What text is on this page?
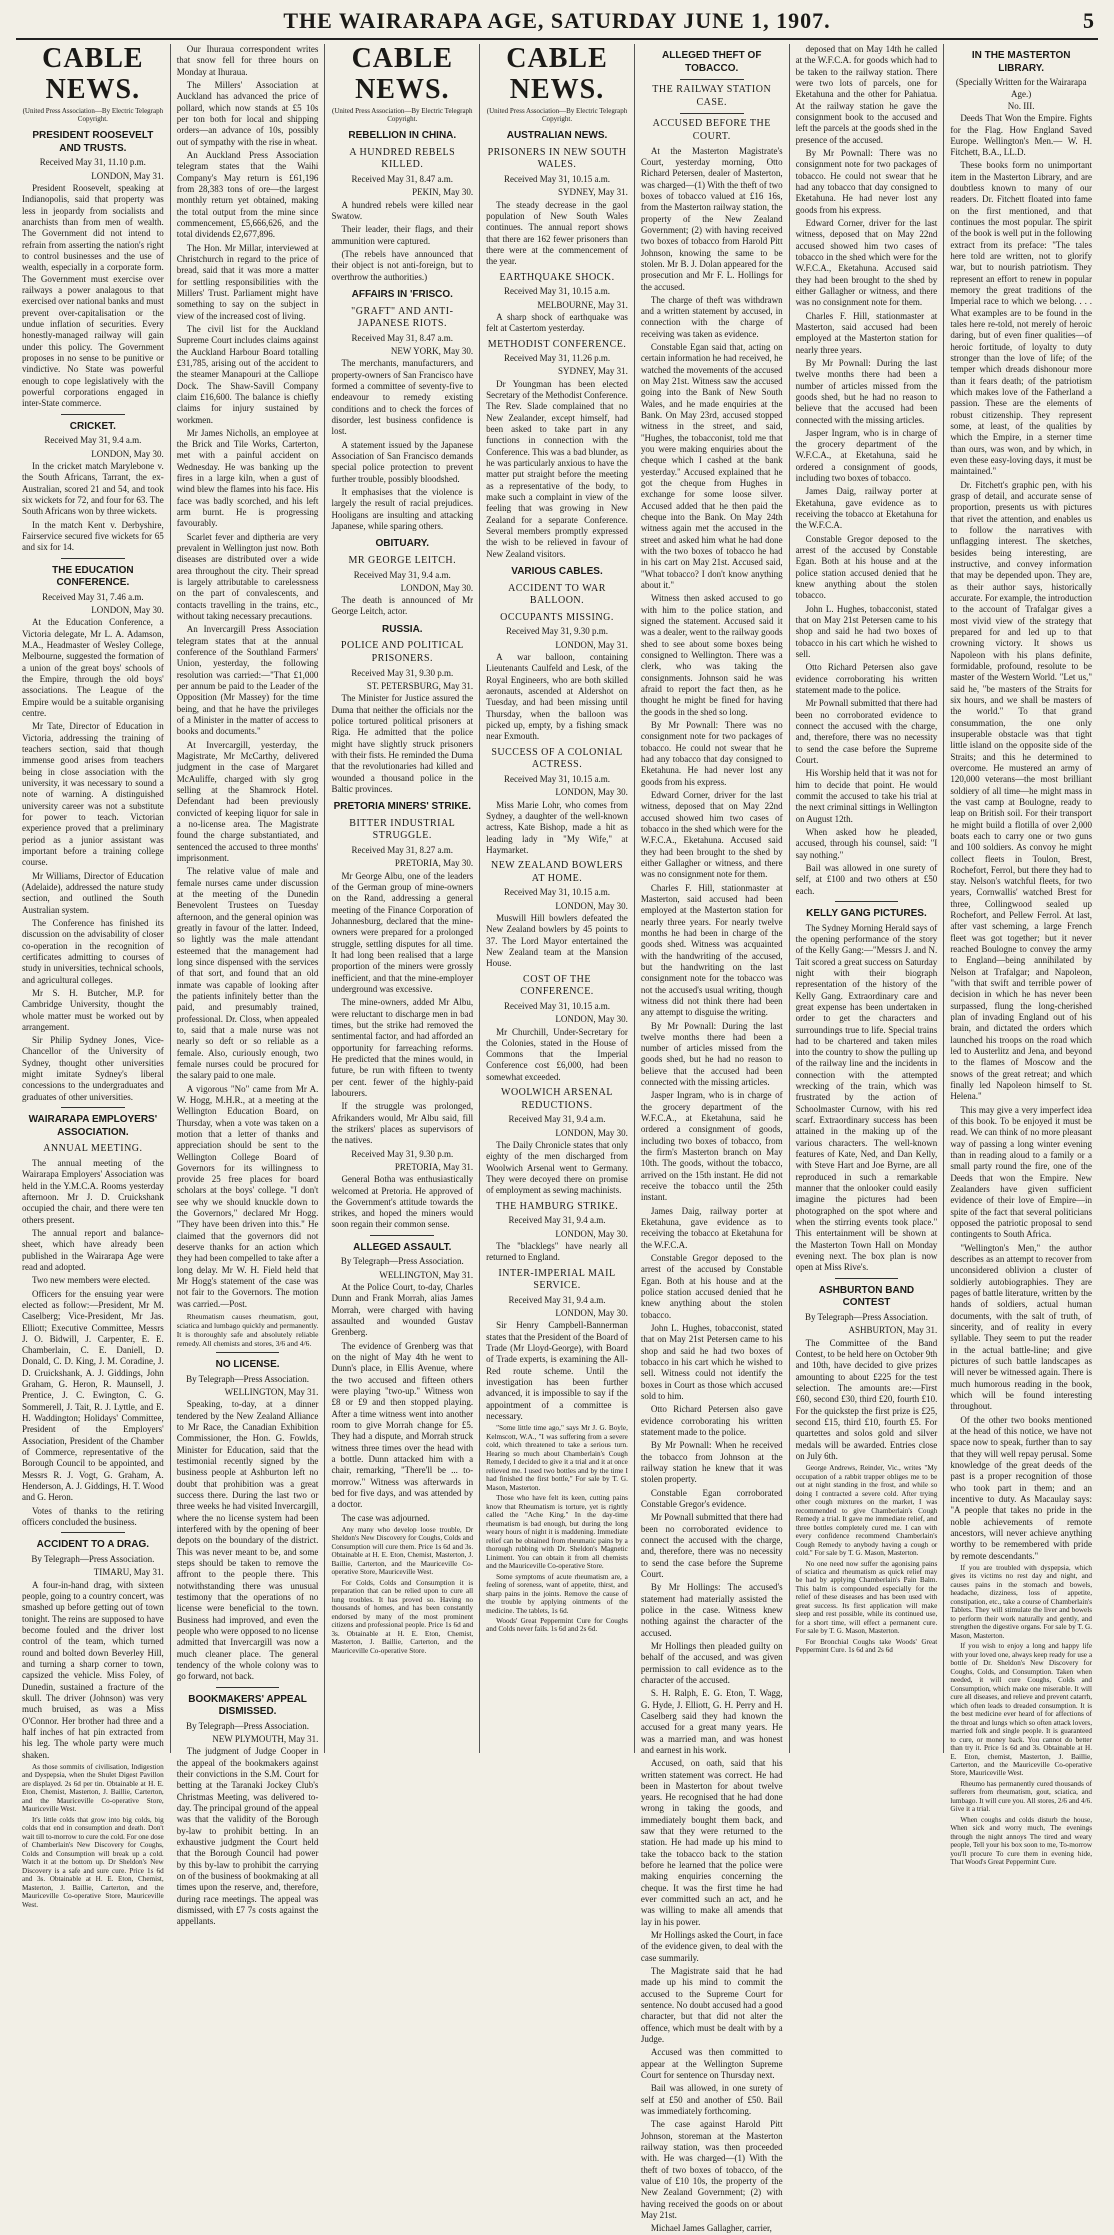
THE WAIRARAPA AGE, SATURDAY JUNE 1, 1907.	5
CABLE NEWS.
(United Press Association—By Electric Telegraph Copyright.
PRESIDENT ROOSEVELT AND TRUSTS.
Received May 31, 11.10 p.m.
LONDON, May 31.

President Roosevelt, speaking at Indianopolis, said that property was less in jeopardy from socialists and anarchists than from men of wealth. The Government did not intend to refrain from asserting the nation's right to control businesses and the use of wealth, especially in a corporate form. The Government must exercise over railways a power analagous to that exercised over national banks and must prevent over-capitalisation or the undue inflation of securities. Every honestly-managed railway will gain under this policy. The Government proposes in no sense to be punitive or vindictive. No State was powerful enough to cope legislatively with the powerful corporations engaged in inter-State commerce.

CRICKET.
Received May 31, 9.4 a.m.
LONDON, May 30.

In the cricket match Marylebone v. the South Africans, Tarrant, the ex-Australian, scored 21 and 54, and took six wickets for 72, and four for 63. The South Africans won by three wickets.

In the match Kent v. Derbyshire, Fairservice secured five wickets for 65 and six for 14.

THE EDUCATION CONFERENCE.
Received May 31, 7.46 a.m.
LONDON, May 30.

At the Education Conference, a Victoria delegate, Mr L. A. Adamson, M.A., Headmaster of Wesley College, Melbourne, suggested the formation of a union of the great boys' schools of the Empire, through the old boys' associations. The League of the Empire would be a suitable organising centre.

Mr Tate, Director of Education in Victoria, addressing the training of teachers section, said that though immense good arises from teachers being in close association with the university, it was necessary to sound a note of warning. A distinguished university career was not a substitute for power to teach. Victorian experience proved that a preliminary period as a junior assistant was important before a training college course.

Mr Williams, Director of Education (Adelaide), addressed the nature study section, and outlined the South Australian system.

The Conference has finished its discussion on the advisability of closer co-operation in the recognition of certificates admitting to courses of study in universities, technical schools, and agricultural colleges.

Mr S. H. Butcher, M.P. for Cambridge University, thought the whole matter must be worked out by arrangement.

Sir Philip Sydney Jones, Vice-Chancellor of the University of Sydney, thought other universities might imitate Sydney's liberal concessions to the undergraduates and graduates of other universities.

WAIRARAPA EMPLOYERS' ASSOCIATION.
ANNUAL MEETING.

The annual meeting of the Wairarapa Employers' Association was held in the Y.M.C.A. Rooms yesterday afternoon. Mr J. D. Cruickshank occupied the chair, and there were ten others present.

The annual report and balance-sheet, which have already been published in the Wairarapa Age were read and adopted.

Two new members were elected.

Officers for the ensuing year were elected as follow:—President, Mr M. Caselberg; Vice-President, Mr Jas. Elliott; Executive Committee, Messrs J. O. Bidwill, J. Carpenter, E. E. Chamberlain, C. E. Daniell, D. Donald, C. D. King, J. M. Coradine, J. D. Cruickshank, A. J. Giddings, John Graham, G. Heron, R. Maunsell, J. Prentice, J. C. Ewington, C. G. Sommerell, J. Tait, R. J. Lyttle, and E. H. Waddington; Holidays' Committee, President of the Employers' Association, President of the Chamber of Commerce, representative of the Borough Council to be appointed, and Messrs R. J. Vogt, G. Graham, A. Henderson, A. J. Giddings, H. T. Wood and G. Heron.

Votes of thanks to the retiring officers concluded the business.

ACCIDENT TO A DRAG.
By Telegraph—Press Association.
TIMARU, May 31.

A four-in-hand drag, with sixteen people, going to a country concert, was smashed up before getting out of town tonight. The reins are supposed to have become fouled and the driver lost control of the team, which turned round and bolted down Beverley Hill, and turning a sharp corner to town, capsized the vehicle. Miss Foley, of Dunedin, sustained a fracture of the skull. The driver (Johnson) was very much bruised, as was a Miss O'Connor. Her brother had three and a half inches of hat pin extracted from his leg. The whole party were much shaken.

As those sommits of civilisation, Indigestion and Dyspepsia, when the Shulet Digest Pavillon are displayed. 2s 6d per tin. Obtainable at H. E. Eton, Chemist, Masterton, J. Baillie, Carterton, and the Mauriceville Co-operative Store, Mauriceville West.

It's little colds that grow into big colds, big colds that end in consumption and death. Don't wait till to-morrow to cure the cold. For one dose of Chamberlain's New Discovery for Coughs, Colds and Consumption will break up a cold. Watch it at the bottom up. Dr Sheldon's New Discovery is a safe and sure cure. Price 1s 6d and 3s. Obtainable at H. E. Eton, Chemist, Masterton, J. Baillie, Carterton, and the Mauriceville Co-operative Store, Mauriceville West.

Our Ihuraua correspondent writes that snow fell for three hours on Monday at Ihuraua.

The Millers' Association at Auckland has advanced the price of pollard, which now stands at £5 10s per ton both for local and shipping orders—an advance of 10s, possibly out of sympathy with the rise in wheat.

An Auckland Press Association telegram states that the Waihi Company's May return is £61,196 from 28,383 tons of ore—the largest monthly return yet obtained, making the total output from the mine since commencement, £5,666,626, and the total dividends £2,677,896.

The Hon. Mr Millar, interviewed at Christchurch in regard to the price of bread, said that it was more a matter for settling responsibilities with the Millers' Trust. Parliament might have something to say on the subject in view of the increased cost of living.

The civil list for the Auckland Supreme Court includes claims against the Auckland Harbour Board totalling £31,785, arising out of the accident to the steamer Manapouri at the Calliope Dock. The Shaw-Savill Company claim £16,600. The balance is chiefly claims for injury sustained by workmen.

Mr James Nicholls, an employee at the Brick and Tile Works, Carterton, met with a painful accident on Wednesday. He was banking up the fires in a large kiln, when a gust of wind blew the flames into his face. His face was badly scorched, and his left arm burnt. He is progressing favourably.

Scarlet fever and diptheria are very prevalent in Wellington just now. Both diseases are distributed over a wide area throughout the city. Their spread is largely attributable to carelessness on the part of convalescents, and contacts travelling in the trains, etc., without taking necessary precautions.

An Invercargill Press Association telegram states that at the annual conference of the Southland Farmers' Union, yesterday, the following resolution was carried:—"That £1,000 per annum be paid to the Leader of the Opposition (Mr Massey) for the time being, and that he have the privileges of a Minister in the matter of access to books and documents."

At Invercargill, yesterday, the Magistrate, Mr McCarthy, delivered judgment in the case of Margaret McAuliffe, charged with sly grog selling at the Shamrock Hotel. Defendant had been previously convicted of keeping liquor for sale in a no-license area. The Magistrate found the charge substantiated, and sentenced the accused to three months' imprisonment.

The relative value of male and female nurses came under discussion at the meeting of the Dunedin Benevolent Trustees on Tuesday afternoon, and the general opinion was greatly in favour of the latter. Indeed, so lightly was the male attendant esteemed that the management had long since dispensed with the services of that sort, and found that an old inmate was capable of looking after the patients infinitely better than the paid, and presumably trained, professional. Dr. Closs, when appealed to, said that a male nurse was not nearly so deft or so reliable as a female. Also, curiously enough, two female nurses could be procured for the salary paid to one male.

A vigorous "No" came from Mr A. W. Hogg, M.H.R., at a meeting at the Wellington Education Board, on Thursday, when a vote was taken on a motion that a letter of thanks and appreciation should be sent to the Wellington College Board of Governors for its willingness to provide 25 free places for board scholars at the boys' college. "I don't see why we should knuckle down to the Governors," declared Mr Hogg. "They have been driven into this." He claimed that the governors did not deserve thanks for an action which they had been compelled to take after a long delay. Mr W. H. Field held that Mr Hogg's statement of the case was not fair to the Governors. The motion was carried.—Post.

Rheumatism causes rheumatism, gout, sciatica and lumbago quickly and permanently. It is thoroughly safe and absolutely reliable remedy. All chemists and stores, 3/6 and 4/6.

NO LICENSE.
By Telegraph—Press Association.
WELLINGTON, May 31.

Speaking, to-day, at a dinner tendered by the New Zealand Alliance to Mr Race, the Canadian Exhibition Commissioner, the Hon. G. Fowlds, Minister for Education, said that the testimonial recently signed by the business people at Ashburton left no doubt that prohibition was a great success there. During the last two or three weeks he had visited Invercargill, where the no license system had been interfered with by the opening of beer depots on the boundary of the district. This was never meant to be, and some steps should be taken to remove the affront to the people there. This notwithstanding there was unusual testimony that the operations of no license were beneficial to the town. Business had improved, and even the people who were opposed to no license admitted that Invercargill was now a much cleaner place. The general tendency of the whole colony was to go forward, not back.

BOOKMAKERS' APPEAL DISMISSED.
By Telegraph—Press Association.
NEW PLYMOUTH, May 31.

The judgment of Judge Cooper in the appeal of the bookmakers against their convictions in the S.M. Court for betting at the Taranaki Jockey Club's Christmas Meeting, was delivered to-day. The principal ground of the appeal was that the validity of the Borough by-law to prohibit betting. In an exhaustive judgment the Court held that the Borough Council had power by this by-law to prohibit the carrying on of the business of bookmaking at all times upon the reserve, and, therefore, during race meetings. The appeal was dismissed, with £7 7s costs against the appellants.

CABLE NEWS.
(United Press Association—By Electric Telegraph Copyright.
REBELLION IN CHINA.
A HUNDRED REBELS KILLED.
Received May 31, 8.47 a.m.
PEKIN, May 30.

A hundred rebels were killed near Swatow.

Their leader, their flags, and their ammunition were captured.

(The rebels have announced that their object is not anti-foreign, but to overthrow the authorities.)

AFFAIRS IN 'FRISCO.
"GRAFT" AND ANTI-JAPANESE RIOTS.
Received May 31, 8.47 a.m.
NEW YORK, May 30.

The merchants, manufacturers, and property-owners of San Francisco have formed a committee of seventy-five to endeavour to remedy existing conditions and to check the forces of disorder, lest business confidence is lost.

A statement issued by the Japanese Association of San Francisco demands special police protection to prevent further trouble, possibly bloodshed.

It emphasises that the violence is largely the result of racial prejudices. Hooligans are insulting and attacking Japanese, while sparing others.

OBITUARY.
MR GEORGE LEITCH.
Received May 31, 9.4 a.m.
LONDON, May 30.

The death is announced of Mr George Leitch, actor.

RUSSIA.
POLICE AND POLITICAL PRISONERS.
Received May 31, 9.30 p.m.
ST. PETERSBURG, May 31.

The Minister for Justice assured the Duma that neither the officials nor the police tortured political prisoners at Riga. He admitted that the police might have slightly struck prisoners with their fists. He reminded the Duma that the revolutionaries had killed and wounded a thousand police in the Baltic provinces.

PRETORIA MINERS' STRIKE.
BITTER INDUSTRIAL STRUGGLE.
Received May 31, 8.27 a.m.
PRETORIA, May 30.

Mr George Albu, one of the leaders of the German group of mine-owners on the Rand, addressing a general meeting of the Finance Corporation of Johannesburg, declared that the mine-owners were prepared for a prolonged struggle, settling disputes for all time. It had long been realised that a large proportion of the miners were grossly inefficient, and that the mine-employer underground was excessive.

The mine-owners, added Mr Albu, were reluctant to discharge men in bad times, but the strike had removed the sentimental factor, and had afforded an opportunity for farreaching reforms. He predicted that the mines would, in future, be run with fifteen to twenty per cent. fewer of the highly-paid labourers.

If the struggle was prolonged, Afrikanders would, Mr Albu said, fill the strikers' places as supervisors of the natives.

Received May 31, 9.30 p.m.
PRETORIA, May 31.

General Botha was enthusiastically welcomed at Pretoria. He approved of the Government's attitude towards the strikes, and hoped the miners would soon regain their common sense.

ALLEGED ASSAULT.
By Telegraph—Press Association.
WELLINGTON, May 31.

At the Police Court, to-day, Charles Dunn and Frank Morrah, alias James Morrah, were charged with having assaulted and wounded Gustav Grenberg.

The evidence of Grenberg was that on the night of May 4th he went to Dunn's place, in Ellis Avenue, where the two accused and fifteen others were playing "two-up." Witness won £8 or £9 and then stopped playing. After a time witness went into another room to give Morrah change for £5. They had a dispute, and Morrah struck witness three times over the head with a bottle. Dunn attacked him with a chair, remarking, "There'll be ... to-morrow." Witness was afterwards in bed for five days, and was attended by a doctor.

The case was adjourned.

Any many who develop loose trouble, Dr Sheldon's New Discovery for Coughs, Colds and Consumption will cure them. Price 1s 6d and 3s. Obtainable at H. E. Eton, Chemist, Masterton, J. Baillie, Carterton, and the Mauriceville Co-operative Store, Mauriceville West.

For Colds, Colds and Consumption it is preparation that can be relied upon to cure all lung troubles. It has proved so. Having no thousands of homes, and has been constantly endorsed by many of the most prominent citizens and professional people. Price 1s 6d and 3s. Obtainable at H. E. Eton, Chemist, Masterton, J. Baillie, Carterton, and the Mauriceville Co-operative Store.

CABLE NEWS.
(United Press Association—By Electric Telegraph Copyright.
AUSTRALIAN NEWS.
PRISONERS IN NEW SOUTH WALES.
Received May 31, 10.15 a.m.
SYDNEY, May 31.

The steady decrease in the gaol population of New South Wales continues. The annual report shows that there are 162 fewer prisoners than there were at the commencement of the year.

EARTHQUAKE SHOCK.
Received May 31, 10.15 a.m.
MELBOURNE, May 31.

A sharp shock of earthquake was felt at Castertom yesterday.

METHODIST CONFERENCE.
Received May 31, 11.26 p.m.
SYDNEY, May 31.

Dr Youngman has been elected Secretary of the Methodist Conference. The Rev. Slade complained that no New Zealander, except himself, had been asked to take part in any functions in connection with the Conference. This was a bad blunder, as he was particularly anxious to have the matter put straight before the meeting as a representative of the body, to make such a complaint in view of the feeling that was growing in New Zealand for a separate Conference. Several members promptly expressed the wish to be relieved in favour of New Zealand visitors.

VARIOUS CABLES.
ACCIDENT TO WAR BALLOON.
OCCUPANTS MISSING.
Received May 31, 9.30 p.m.
LONDON, May 31.

A war balloon, containing Lieutenants Caulfeld and Lesk, of the Royal Engineers, who are both skilled aeronauts, ascended at Aldershot on Tuesday, and had been missing until Thursday, when the balloon was picked up, empty, by a fishing smack near Exmouth.

SUCCESS OF A COLONIAL ACTRESS.
Received May 31, 10.15 a.m.
LONDON, May 30.

Miss Marie Lohr, who comes from Sydney, a daughter of the well-known actress, Kate Bishop, made a hit as leading lady in "My Wife," at Haymarket.

NEW ZEALAND BOWLERS AT HOME.
Received May 31, 10.15 a.m.
LONDON, May 30.

Muswill Hill bowlers defeated the New Zealand bowlers by 45 points to 37. The Lord Mayor entertained the New Zealand team at the Mansion House.

COST OF THE CONFERENCE.
Received May 31, 10.15 a.m.
LONDON, May 30.

Mr Churchill, Under-Secretary for the Colonies, stated in the House of Commons that the Imperial Conference cost £6,000, had been somewhat exceeded.

WOOLWICH ARSENAL REDUCTIONS.
Received May 31, 9.4 a.m.
LONDON, May 30.

The Daily Chronicle states that only eighty of the men discharged from Woolwich Arsenal went to Germany. They were decoyed there on promise of employment as sewing machinists.

THE HAMBURG STRIKE.
Received May 31, 9.4 a.m.
LONDON, May 30.

The "blacklegs" have nearly all returned to England.

INTER-IMPERIAL MAIL SERVICE.
Received May 31, 9.4 a.m.
LONDON, May 30.

Sir Henry Campbell-Bannerman states that the President of the Board of Trade (Mr Lloyd-George), with Board of Trade experts, is examining the All-Red route scheme. Until the investigation has been further advanced, it is impossible to say if the appointment of a committee is necessary.

"Some little time ago," says Mr J. G. Boyle, Kelmscott, W.A., "I was suffering from a severe cold, which threatened to take a serious turn. Hearing so much about Chamberlain's Cough Remedy, I decided to give it a trial and it at once relieved me. I used two bottles and by the time I had finished the first bottle," For sale by T. G. Mason, Masterton.

Those who have felt its keen, cutting pains know that Rheumatism is torture, yet is rightly called the "Ache King." In the day-time rheumatism is bad enough, but during the long weary hours of night it is maddening. Immediate relief can be obtained from rheumatic pains by a thorough rubbing with Dr. Sheldon's Magnetic Liniment. You can obtain it from all chemists and the Mauriceville Co-operative Store.

Some symptoms of acute rheumatism are, a feeling of soreness, want of appetite, thirst, and sharp pains in the joints. Remove the cause of the trouble by applying ointments of the medicine. The tablets, 1s 6d.

Woods' Great Peppermint Cure for Coughs and Colds never fails. 1s 6d and 2s 6d.

ALLEGED THEFT OF TOBACCO.
THE RAILWAY STATION CASE.
ACCUSED BEFORE THE COURT.

At the Masterton Magistrate's Court, yesterday morning, Otto Richard Petersen, dealer of Masterton, was charged—(1) With the theft of two boxes of tobacco valued at £16 16s, from the Masterton railway station, the property of the New Zealand Government; (2) with having received two boxes of tobacco from Harold Pitt Johnson, knowing the same to be stolen. Mr B. J. Dolan appeared for the prosecution and Mr F. L. Hollings for the accused.

The charge of theft was withdrawn and a written statement by accused, in connection with the charge of receiving was taken as evidence.

Constable Egan said that, acting on certain information he had received, he watched the movements of the accused on May 21st. Witness saw the accused going into the Bank of New South Wales, and he made enquiries at the Bank. On May 23rd, accused stopped witness in the street, and said, "Hughes, the tobacconist, told me that you were making enquiries about the cheque which I cashed at the bank yesterday." Accused explained that he got the cheque from Hughes in exchange for some loose silver. Accused added that he then paid the cheque into the Bank. On May 24th witness again met the accused in the street and asked him what he had done with the two boxes of tobacco he had in his cart on May 21st. Accused said, "What tobacco? I don't know anything about it."

Witness then asked accused to go with him to the police station, and signed the statement. Accused said it was a dealer, went to the railway goods shed to see about some boxes being consigned to Wellington. There was a clerk, who was taking the consignments. Johnson said he was afraid to report the fact then, as he thought he might be fined for having the goods in the shed so long.

By Mr Pownall: There was no consignment note for two packages of tobacco. He could not swear that he had any tobacco that day consigned to Eketahuna. He had never lost any goods from his express.

Edward Corner, driver for the last witness, deposed that on May 22nd accused showed him two cases of tobacco in the shed which were for the W.F.C.A., Eketahuna. Accused said they had been brought to the shed by either Gallagher or witness, and there was no consignment note for them.

Charles F. Hill, stationmaster at Masterton, said accused had been employed at the Masterton station for nearly three years. For nearly twelve months he had been in charge of the goods shed. Witness was acquainted with the handwriting of the accused, but the handwriting on the last consignment note for the tobacco was not the accused's usual writing, though witness did not think there had been any attempt to disguise the writing.

By Mr Pownall: During the last twelve months there had been a number of articles missed from the goods shed, but he had no reason to believe that the accused had been connected with the missing articles.

Jasper Ingram, who is in charge of the grocery department of the W.F.C.A., at Eketahuna, said he ordered a consignment of goods, including two boxes of tobacco, from the firm's Masterton branch on May 10th. The goods, without the tobacco, arrived on the 15th instant. He did not receive the tobacco until the 25th instant.

James Daig, railway porter at Eketahuna, gave evidence as to receiving the tobacco at Eketahuna for the W.F.C.A.

Constable Gregor deposed to the arrest of the accused by Constable Egan. Both at his house and at the police station accused denied that he knew anything about the stolen tobacco.

John L. Hughes, tobacconist, stated that on May 21st Petersen came to his shop and said he had two boxes of tobacco in his cart which he wished to sell. Witness could not identify the boxes in Court as those which accused sold to him.

Otto Richard Petersen also gave evidence corroborating his written statement made to the police.

By Mr Pownall: When he received the tobacco from Johnson at the railway station he knew that it was stolen property.

Constable Egan corroborated Constable Gregor's evidence.

Mr Pownall submitted that there had been no corroborated evidence to connect the accused with the charge, and, therefore, there was no necessity to send the case before the Supreme Court.

By Mr Hollings: The accused's statement had materially assisted the police in the case. Witness knew nothing against the character of the accused.

Mr Hollings then pleaded guilty on behalf of the accused, and was given permission to call evidence as to the character of the accused.

S. H. Ralph, E. G. Eton, T. Wagg, G. Hyde, J. Elliott, G. H. Perry and H. Caselberg said they had known the accused for a great many years. He was a married man, and was honest and earnest in his work.

Accused, on oath, said that his written statement was correct. He had been in Masterton for about twelve years. He recognised that he had done wrong in taking the goods, and immediately bought them back, and saw that they were returned to the station. He had made up his mind to take the tobacco back to the station before he learned that the police were making enquiries concerning the cheque. It was the first time he had ever committed such an act, and he was willing to make all amends that lay in his power.

Mr Hollings asked the Court, in face of the evidence given, to deal with the case summarily.

The Magistrate said that he had made up his mind to commit the accused to the Supreme Court for sentence. No doubt accused had a good character, but that did not alter the offence, which must be dealt with by a Judge.

Accused was then committed to appear at the Wellington Supreme Court for sentence on Thursday next.

Bail was allowed, in one surety of self at £50 and another of £50. Bail was immediately forthcoming.

The case against Harold Pitt Johnson, storeman at the Masterton railway station, was then proceeded with. He was charged—(1) With the theft of two boxes of tobacco, of the value of £10 10s, the property of the New Zealand Government; (2) with having received the goods on or about May 21st.

Michael James Gallagher, carrier,

deposed that on May 14th he called at the W.F.C.A. for goods which had to be taken to the railway station. There were two lots of parcels, one for Eketahuna and the other for Pahiatua. At the railway station he gave the consignment book to the accused and left the parcels at the goods shed in the presence of the accused.

By Mr Pownall: There was no consignment note for two packages of tobacco. He could not swear that he had any tobacco that day consigned to Eketahuna. He had never lost any goods from his express.

Edward Corner, driver for the last witness, deposed that on May 22nd accused showed him two cases of tobacco in the shed which were for the W.F.C.A., Eketahuna. Accused said they had been brought to the shed by either Gallagher or witness, and there was no consignment note for them.

Charles F. Hill, stationmaster at Masterton, said accused had been employed at the Masterton station for nearly three years.

By Mr Pownall: During the last twelve months there had been a number of articles missed from the goods shed, but he had no reason to believe that the accused had been connected with the missing articles.

Jasper Ingram, who is in charge of the grocery department of the W.F.C.A., at Eketahuna, said he ordered a consignment of goods, including two boxes of tobacco.

James Daig, railway porter at Eketahuna, gave evidence as to receiving the tobacco at Eketahuna for the W.F.C.A.

Constable Gregor deposed to the arrest of the accused by Constable Egan. Both at his house and at the police station accused denied that he knew anything about the stolen tobacco.

John L. Hughes, tobacconist, stated that on May 21st Petersen came to his shop and said he had two boxes of tobacco in his cart which he wished to sell.

Otto Richard Petersen also gave evidence corroborating his written statement made to the police.

Mr Pownall submitted that there had been no corroborated evidence to connect the accused with the charge, and, therefore, there was no necessity to send the case before the Supreme Court.

His Worship held that it was not for him to decide that point. He would commit the accused to take his trial at the next criminal sittings in Wellington on August 12th.

When asked how he pleaded, accused, through his counsel, said: "I say nothing."

Bail was allowed in one surety of self, at £100 and two others at £50 each.

KELLY GANG PICTURES.

The Sydney Morning Herald says of the opening performance of the story of the Kelly Gang:—"Messrs J. and N. Tait scored a great success on Saturday night with their biograph representation of the history of the Kelly Gang. Extraordinary care and great expense has been undertaken in order to get the characters and surroundings true to life. Special trains had to be chartered and taken miles into the country to show the pulling up of the railway line and the incidents in connection with the attempted wrecking of the train, which was frustrated by the action of Schoolmaster Curnow, with his red scarf. Extraordinary success has been attained in the making up of the various characters. The well-known features of Kate, Ned, and Dan Kelly, with Steve Hart and Joe Byrne, are all reproduced in such a remarkable manner that the onlooker could easily imagine the pictures had been photographed on the spot where and when the stirring events took place." This entertainment will be shown at the Masterton Town Hall on Monday evening next. The box plan is now open at Miss Rive's.

ASHBURTON BAND CONTEST
By Telegraph—Press Association.
ASHBURTON, May 31.

The Committee of the Band Contest, to be held here on October 9th and 10th, have decided to give prizes amounting to about £225 for the test selection. The amounts are:—First £60, second £30, third £20, fourth £10. For the quickstep the first prize is £25, second £15, third £10, fourth £5. For quartettes and solos gold and silver medals will be awarded. Entries close on July 6th.

George Andrews, Reinder, Vic., writes "My occupation of a rabbit trapper obliges me to be out at night standing in the frost, and while so doing I contracted a severe cold. After trying other cough mixtures on the market, I was recommended to give Chamberlain's Cough Remedy a trial. It gave me immediate relief, and three bottles completely cured me. I can with every confidence recommend Chamberlain's Cough Remedy to anybody having a cough or cold." For sale by T. G. Mason, Masterton.

No one need now suffer the agonising pains of sciatica and rheumatism as quick relief may be had by applying Chamberlain's Pain Balm. This balm is compounded especially for the relief of these diseases and has been used with great success. Its first application will make sleep and rest possible, while its continued use, for a short time, will effect a permanent cure. For sale by T. G. Mason, Masterton.

For Bronchial Coughs take Woods' Great Peppermint Cure. 1s 6d and 2s 6d

IN THE MASTERTON LIBRARY.
(Specially Written for the Wairarapa Age.)
No. III.

Deeds That Won the Empire. Fights for the Flag. How England Saved Europe. Wellington's Men.— W. H. Fitchett, B.A., LL.D.

These books form no unimportant item in the Masterton Library, and are doubtless known to many of our readers. Dr. Fitchett floated into fame on the first mentioned, and that continues the most popular. The spirit of the book is well put in the following extract from its preface: "The tales here told are written, not to glorify war, but to nourish patriotism. They represent an effort to renew in popular memory the great traditions of the Imperial race to which we belong. . . . What examples are to be found in the tales here re-told, not merely of heroic daring, but of even finer qualities—of heroic fortitude, of loyalty to duty stronger than the love of life; of the temper which dreads dishonour more than it fears death; of the patriotism which makes love of the Fatherland a passion. These are the elements of robust citizenship. They represent some, at least, of the qualities by which the Empire, in a sterner time than ours, was won, and by which, in even these easy-loving days, it must be maintained."

Dr. Fitchett's graphic pen, with his grasp of detail, and accurate sense of proportion, presents us with pictures that rivet the attention, and enables us to follow the narratives with unflagging interest. The sketches, besides being interesting, are instructive, and convey information that may be depended upon. They are, as their author says, historically accurate. For example, the introduction to the account of Trafalgar gives a most vivid view of the strategy that prepared for and led up to that crowning victory. It shows us Napoleon with his plans definite, formidable, profound, resolute to be master of the Western World. "Let us," said he, "be masters of the Straits for six hours, and we shall be masters of the world." To that grand consummation, the one only insuperable obstacle was that tight little island on the opposite side of the Straits; and this he determined to overcome. He mustered an army of 120,000 veterans—the most brilliant soldiery of all time—he might mass in the vast camp at Boulogne, ready to leap on British soil. For their transport he might build a flotilla of over 2,000 boats each to carry one or two guns and 100 soldiers. As convoy he might collect fleets in Toulon, Brest, Rochefort, Ferrol, but there they had to stay. Nelson's watchful fleets, for two years, Cornwallis' watched Brest for three, Collingwood sealed up Rochefort, and Pellew Ferrol. At last, after vast scheming, a large French fleet was got together; but it never reached Boulogne to convey the army to England—being annihilated by Nelson at Trafalgar; and Napoleon, "with that swift and terrible power of decision in which he has never been surpassed, flung the long-cherished plan of invading England out of his brain, and dictated the orders which launched his troops on the road which led to Austerlitz and Jena, and beyond to the flames of Moscow and the snows of the great retreat; and which finally led Napoleon himself to St. Helena."

This may give a very imperfect idea of this book. To be enjoyed it must be read. We can think of no more pleasant way of passing a long winter evening than in reading aloud to a family or a small party round the fire, one of the Deeds that won the Empire. New Zealanders have given sufficient evidence of their love of Empire—in spite of the fact that several politicians opposed the patriotic proposal to send contingents to South Africa.

"Wellington's Men," the author describes as an attempt to recover from unconsidered oblivion a cluster of soldierly autobiographies. They are pages of battle literature, written by the hands of soldiers, actual human documents, with the salt of truth, of sincerity, and of reality in every syllable. They seem to put the reader in the actual battle-line; and give pictures of such battle landscapes as will never be witnessed again. There is much humorous reading in the book, which will be found interesting throughout.

Of the other two books mentioned at the head of this notice, we have not space now to speak, further than to say that they will well repay perusal. Some knowledge of the great deeds of the past is a proper recognition of those who took part in them; and an incentive to duty. As Macaulay says: "A people that takes no pride in the noble achievements of remote ancestors, will never achieve anything worthy to be remembered with pride by remote descendants."

If you are troubled with dyspepsia, which gives its victims no rest day and night, and causes pains in the stomach and bowels, headache, dizziness, loss of appetite, constipation, etc., take a course of Chamberlain's Tablets. They will stimulate the liver and bowels to perform their work naturally and gently, and strengthen the digestive organs. For sale by T. G. Mason, Masterton.

If you wish to enjoy a long and happy life with your loved one, always keep ready for use a bottle of Dr. Sheldon's New Discovery for Coughs, Colds, and Consumption. Taken when needed, it will cure Coughs, Colds and Consumption, which make one miserable. It will cure all diseases, and relieve and prevent catarrh, which often leads to dreaded consumption. It is the best medicine ever heard of for affections of the throat and lungs which so often attack lovers, married folk and single people. It is guaranteed to cure, or money back. You cannot do better than try it. Price 1s 6d and 3s. Obtainable at H. E. Eton, chemist, Masterton, J. Baillie, Carterton, and the Mauriceville Co-operative Store, Mauriceville West.

Rheumo has permanently cured thousands of sufferers from rheumatism, gout, sciatica, and lumbago. It will cure you. All stores, 2/6 and 4/6. Give it a trial.

When coughs and colds disturb the house, When sick and worry much, The evenings through the night annoys The tired and weary people, Tell your his box soon to me, To-morrow you'll procure To cure them in evening hide, That Wood's Great Peppermint Cure.
